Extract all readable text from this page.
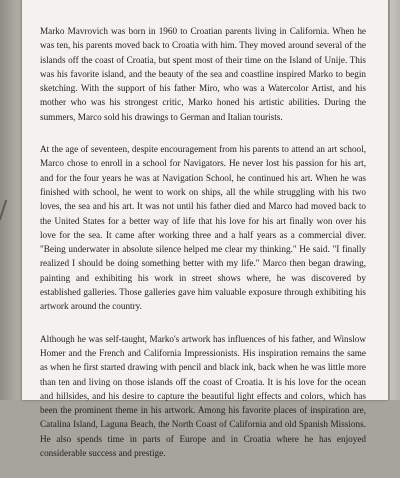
Marko Mavrovich was born in 1960 to Croatian parents living in California. When he was ten, his parents moved back to Croatia with him. They moved around several of the islands off the coast of Croatia, but spent most of their time on the Island of Unije. This was his favorite island, and the beauty of the sea and coastline inspired Marko to begin sketching. With the support of his father Miro, who was a Watercolor Artist, and his mother who was his strongest critic, Marko honed his artistic abilities. During the summers, Marco sold his drawings to German and Italian tourists.

At the age of seventeen, despite encouragement from his parents to attend an art school, Marco chose to enroll in a school for Navigators. He never lost his passion for his art, and for the four years he was at Navigation School, he continued his art. When he was finished with school, he went to work on ships, all the while struggling with his two loves, the sea and his art. It was not until his father died and Marco had moved back to the United States for a better way of life that his love for his art finally won over his love for the sea. It came after working three and a half years as a commercial diver. "Being underwater in absolute silence helped me clear my thinking." He said. "I finally realized I should be doing something better with my life." Marco then began drawing, painting and exhibiting his work in street shows where, he was discovered by established galleries. Those galleries gave him valuable exposure through exhibiting his artwork around the country.

Although he was self-taught, Marko's artwork has influences of his father, and Winslow Homer and the French and California Impressionists. His inspiration remains the same as when he first started drawing with pencil and black ink, back when he was little more than ten and living on those islands off the coast of Croatia. It is his love for the ocean and hillsides, and his desire to capture the beautiful light effects and colors, which has been the prominent theme in his artwork. Among his favorite places of inspiration are, Catalina Island, Laguna Beach, the North Coast of California and old Spanish Missions. He also spends time in parts of Europe and in Croatia where he has enjoyed considerable success and prestige.
